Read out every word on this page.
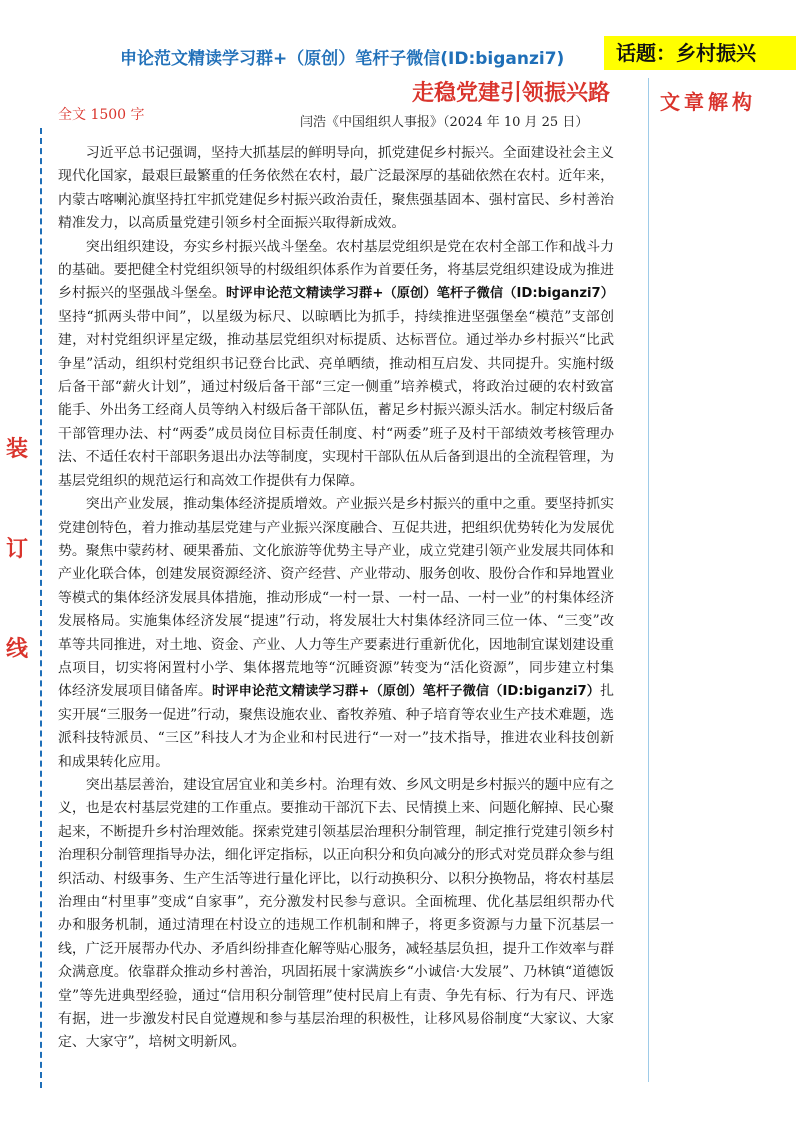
申论范文精读学习群+（原创）笔杆子微信(ID:biganzi7)	话题：乡村振兴
文章解构
走稳党建引领振兴路
闫浩《中国组织人事报》（2024 年 10 月 25 日）
全文 1500 字
装
订
线

习近平总书记强调，坚持大抓基层的鲜明导向，抓党建促乡村振兴。全面建设社会主义现代化国家，最艰巨最繁重的任务依然在农村，最广泛最深厚的基础依然在农村。近年来，内蒙古喀喇沁旗坚持扛牢抓党建促乡村振兴政治责任，聚焦强基固本、强村富民、乡村善治精准发力，以高质量党建引领乡村全面振兴取得新成效。

突出组织建设，夯实乡村振兴战斗堡垒。农村基层党组织是党在农村全部工作和战斗力的基础。要把健全村党组织领导的村级组织体系作为首要任务，将基层党组织建设成为推进乡村振兴的坚强战斗堡垒。时评申论范文精读学习群+（原创）笔杆子微信（ID:biganzi7）坚持“抓两头带中间”，以星级为标尺、以晾晒比为抓手，持续推进坚强堡垒“模范”支部创建，对村党组织评星定级，推动基层党组织对标提质、达标晋位。通过举办乡村振兴“比武争星”活动，组织村党组织书记登台比武、亮单晒绩，推动相互启发、共同提升。实施村级后备干部“薪火计划”，通过村级后备干部“三定一侧重”培养模式，将政治过硬的农村致富能手、外出务工经商人员等纳入村级后备干部队伍，蓄足乡村振兴源头活水。制定村级后备干部管理办法、村“两委”成员岗位目标责任制度、村“两委”班子及村干部绩效考核管理办法、不适任农村干部职务退出办法等制度，实现村干部队伍从后备到退出的全流程管理，为基层党组织的规范运行和高效工作提供有力保障。

突出产业发展，推动集体经济提质增效。产业振兴是乡村振兴的重中之重。要坚持抓实党建创特色，着力推动基层党建与产业振兴深度融合、互促共进，把组织优势转化为发展优势。聚焦中蒙药材、硬果番茄、文化旅游等优势主导产业，成立党建引领产业发展共同体和产业化联合体，创建发展资源经济、资产经营、产业带动、服务创收、股份合作和异地置业等模式的集体经济发展具体措施，推动形成“一村一景、一村一品、一村一业”的村集体经济发展格局。实施集体经济发展“提速”行动，将发展壮大村集体经济同三位一体、“三变”改革等共同推进，对土地、资金、产业、人力等生产要素进行重新优化，因地制宜谋划建设重点项目，切实将闲置村小学、集体撂荒地等“沉睡资源”转变为“活化资源”，同步建立村集体经济发展项目储备库。时评申论范文精读学习群+（原创）笔杆子微信（ID:biganzi7）扎实开展“三服务一促进”行动，聚焦设施农业、畜牧养殖、种子培育等农业生产技术难题，选派科技特派员、“三区”科技人才为企业和村民进行“一对一”技术指导，推进农业科技创新和成果转化应用。

突出基层善治，建设宜居宜业和美乡村。治理有效、乡风文明是乡村振兴的题中应有之义，也是农村基层党建的工作重点。要推动干部沉下去、民情摸上来、问题化解掉、民心聚起来，不断提升乡村治理效能。探索党建引领基层治理积分制管理，制定推行党建引领乡村治理积分制管理指导办法，细化评定指标，以正向积分和负向减分的形式对党员群众参与组织活动、村级事务、生产生活等进行量化评比，以行动换积分、以积分换物品，将农村基层治理由“村里事”变成“自家事”，充分激发村民参与意识。全面梳理、优化基层组织帮办代办和服务机制，通过清理在村设立的违规工作机制和牌子，将更多资源与力量下沉基层一线，广泛开展帮办代办、矛盾纠纷排查化解等贴心服务，减轻基层负担，提升工作效率与群众满意度。依靠群众推动乡村善治，巩固拓展十家满族乡“小诚信·大发展”、乃林镇“道德饭堂”等先进典型经验，通过“信用积分制管理”使村民肩上有责、争先有标、行为有尺、评选有据，进一步激发村民自觉遵规和参与基层治理的积极性，让移风易俗制度“大家议、大家定、大家守”，培树文明新风。
